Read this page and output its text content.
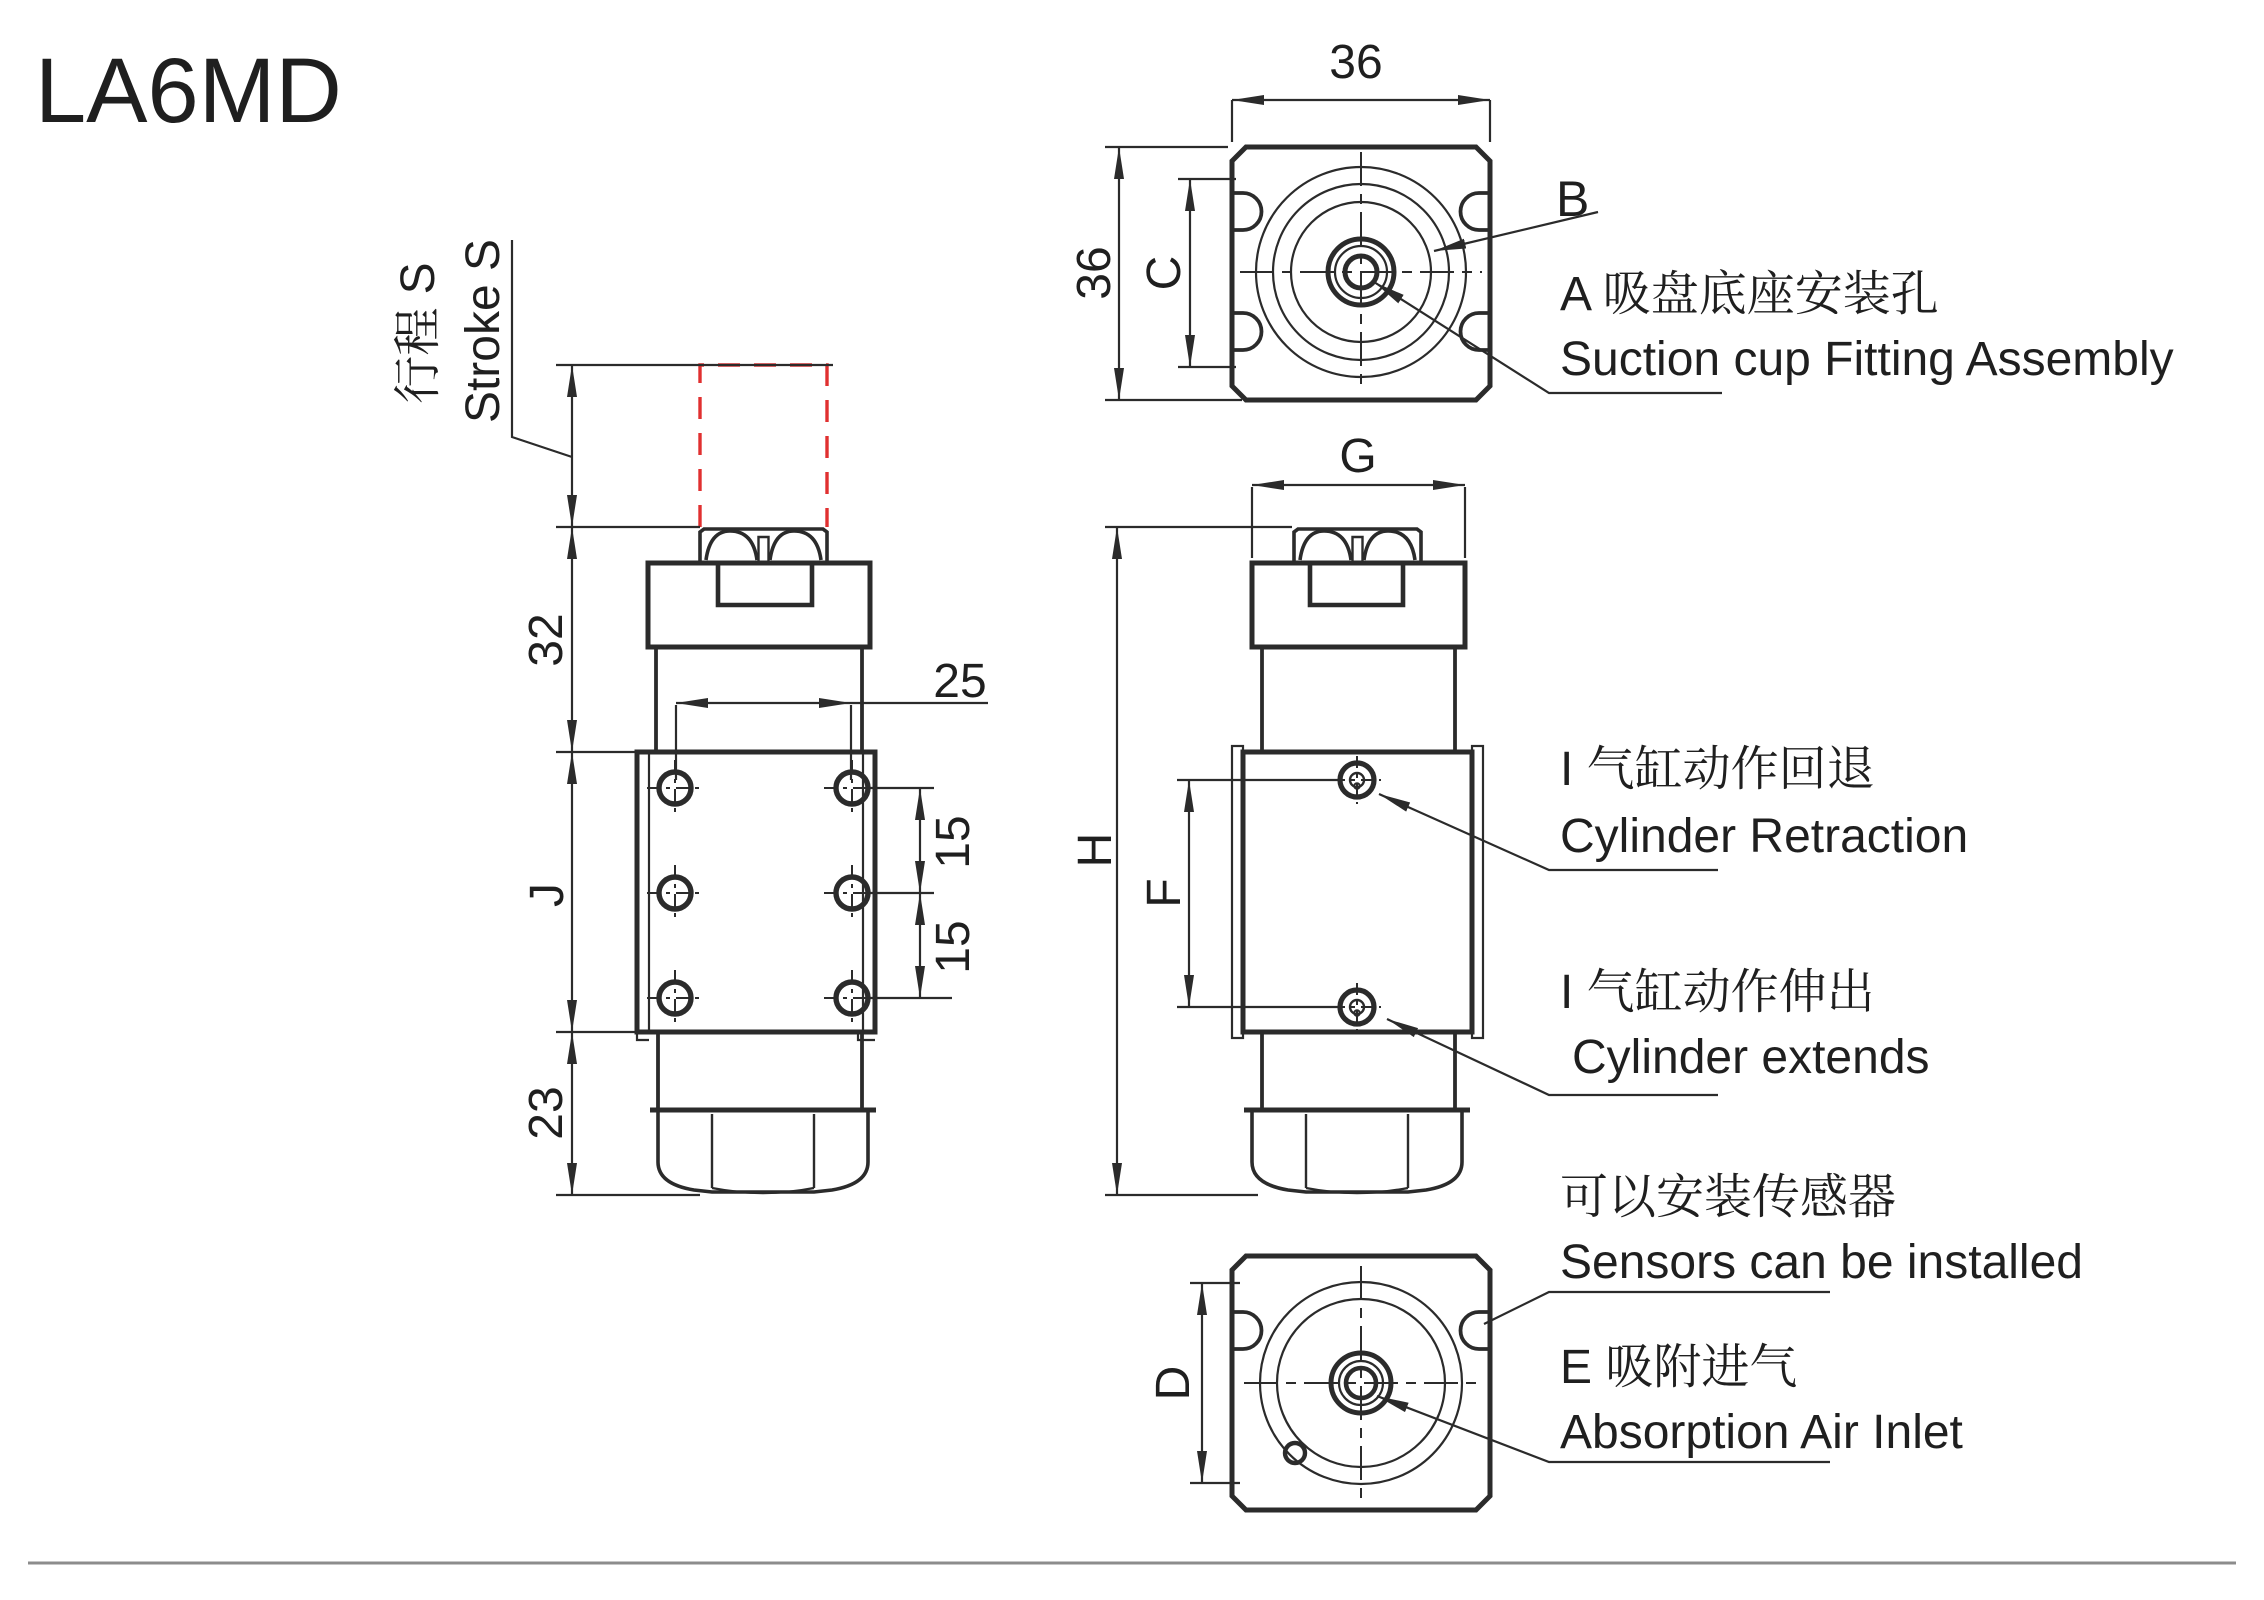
LA6MD
行程 S Stroke S
32
25
J
15
15
23
36
36 C
B
G
H
F
D
A 吸盘底座安装孔
Suction cup Fitting Assembly
I 气缸动作回退
Cylinder Retraction
I 气缸动作伸出
Cylinder extends
可以安装传感器
Sensors can be installed
E 吸附进气
Absorption Air Inlet
